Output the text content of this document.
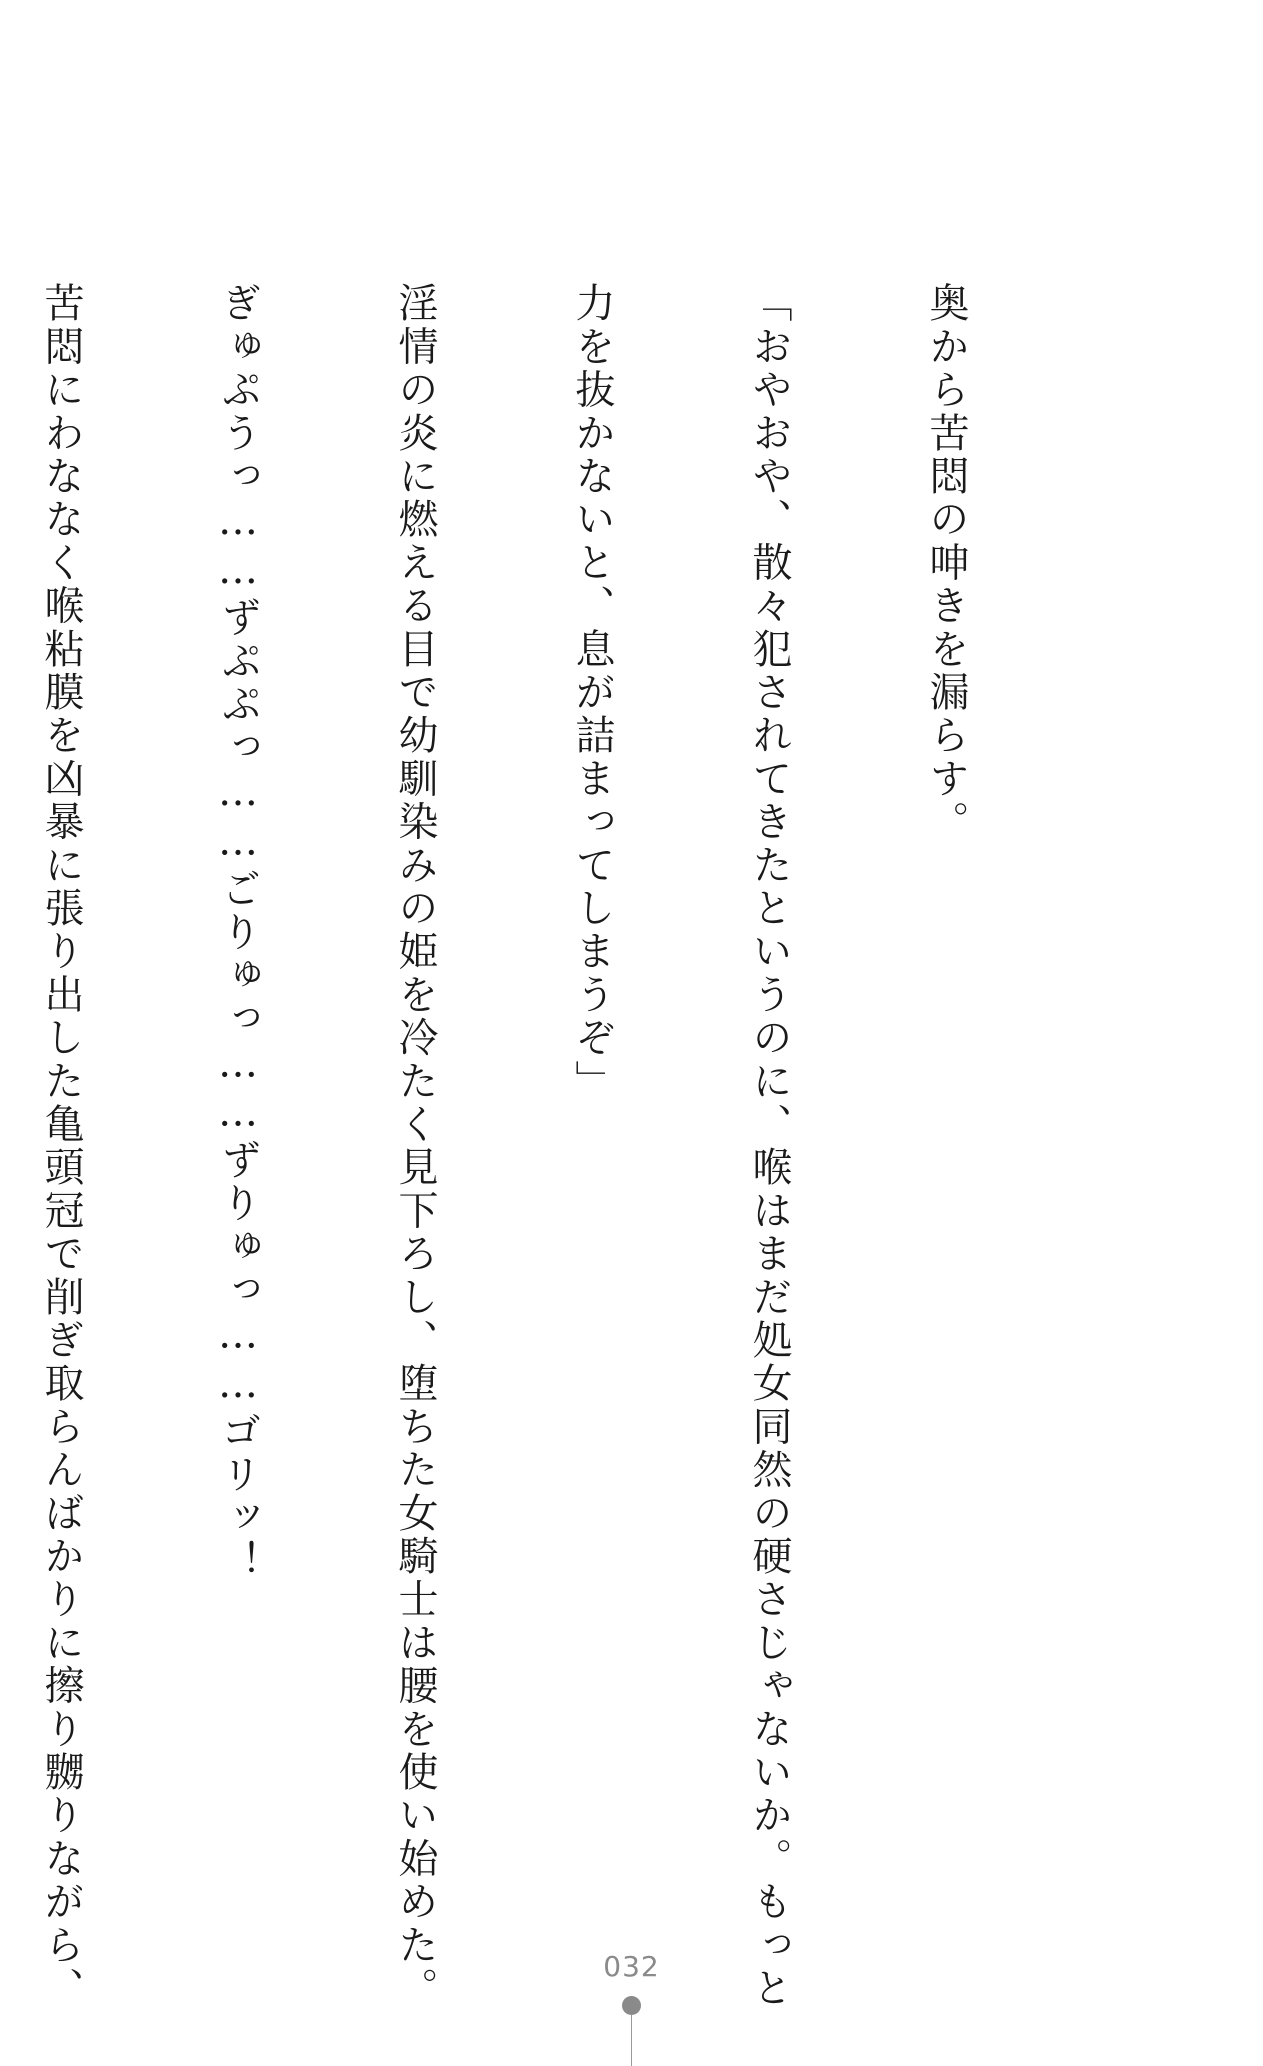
奥から苦悶の呻きを漏らす。

「おやおや、散々犯されてきたというのに、喉はまだ処女同然の硬さじゃないか。もっと

力を抜かないと、息が詰まってしまうぞ」

淫情の炎に燃える目で幼馴染みの姫を冷たく見下ろし、堕ちた女騎士は腰を使い始めた。

ぎゅぷうっ……ずぷぷっ……ごりゅっ……ずりゅっ……ゴリッ！

苦悶にわななく喉粘膜を凶暴に張り出した亀頭冠で削ぎ取らんばかりに擦り嬲りながら、

	032
